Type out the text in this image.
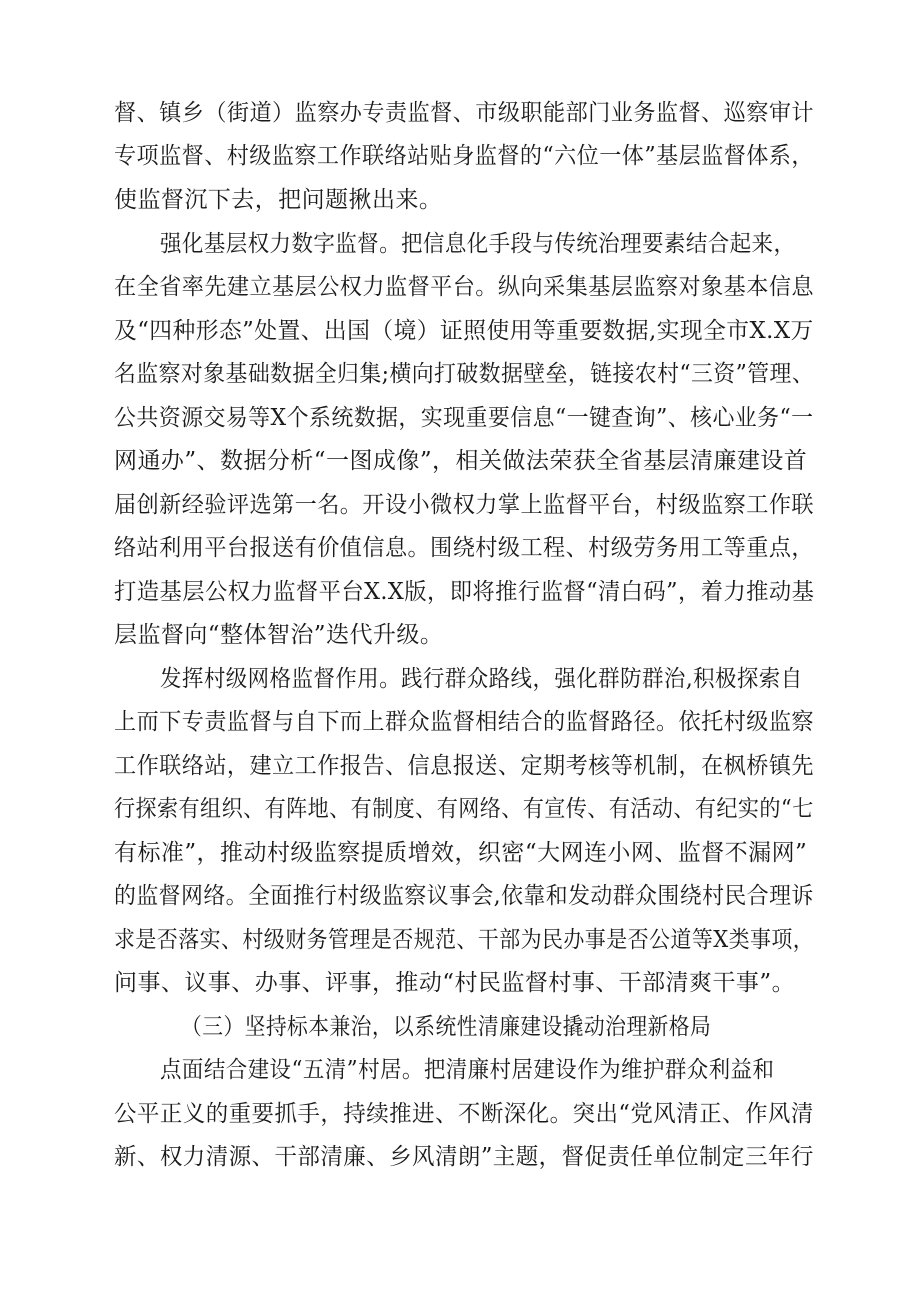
督、镇乡（街道）监察办专责监督、市级职能部门业务监督、巡察审计
专项监督、村级监察工作联络站贴身监督的“六位一体”基层监督体系，
使监督沉下去，把问题揪出来。
强化基层权力数字监督。把信息化手段与传统治理要素结合起来，
在全省率先建立基层公权力监督平台。纵向采集基层监察对象基本信息
及“四种形态”处置、出国（境）证照使用等重要数据,实现全市X.X万
名监察对象基础数据全归集;横向打破数据壁垒，链接农村“三资”管理、
公共资源交易等X个系统数据，实现重要信息“一键查询”、核心业务“一
网通办”、数据分析“一图成像”，相关做法荣获全省基层清廉建设首
届创新经验评选第一名。开设小微权力掌上监督平台，村级监察工作联
络站利用平台报送有价值信息。围绕村级工程、村级劳务用工等重点，
打造基层公权力监督平台X.X版，即将推行监督“清白码”，着力推动基
层监督向“整体智治”迭代升级。
发挥村级网格监督作用。践行群众路线，强化群防群治,积极探索自
上而下专责监督与自下而上群众监督相结合的监督路径。依托村级监察
工作联络站，建立工作报告、信息报送、定期考核等机制，在枫桥镇先
行探索有组织、有阵地、有制度、有网络、有宣传、有活动、有纪实的“七
有标准”，推动村级监察提质增效，织密“大网连小网、监督不漏网”
的监督网络。全面推行村级监察议事会,依靠和发动群众围绕村民合理诉
求是否落实、村级财务管理是否规范、干部为民办事是否公道等X类事项，
问事、议事、办事、评事，推动“村民监督村事、干部清爽干事”。
（三）坚持标本兼治，以系统性清廉建设撬动治理新格局
点面结合建设“五清”村居。把清廉村居建设作为维护群众利益和
公平正义的重要抓手，持续推进、不断深化。突出“党风清正、作风清
新、权力清源、干部清廉、乡风清朗”主题，督促责任单位制定三年行
